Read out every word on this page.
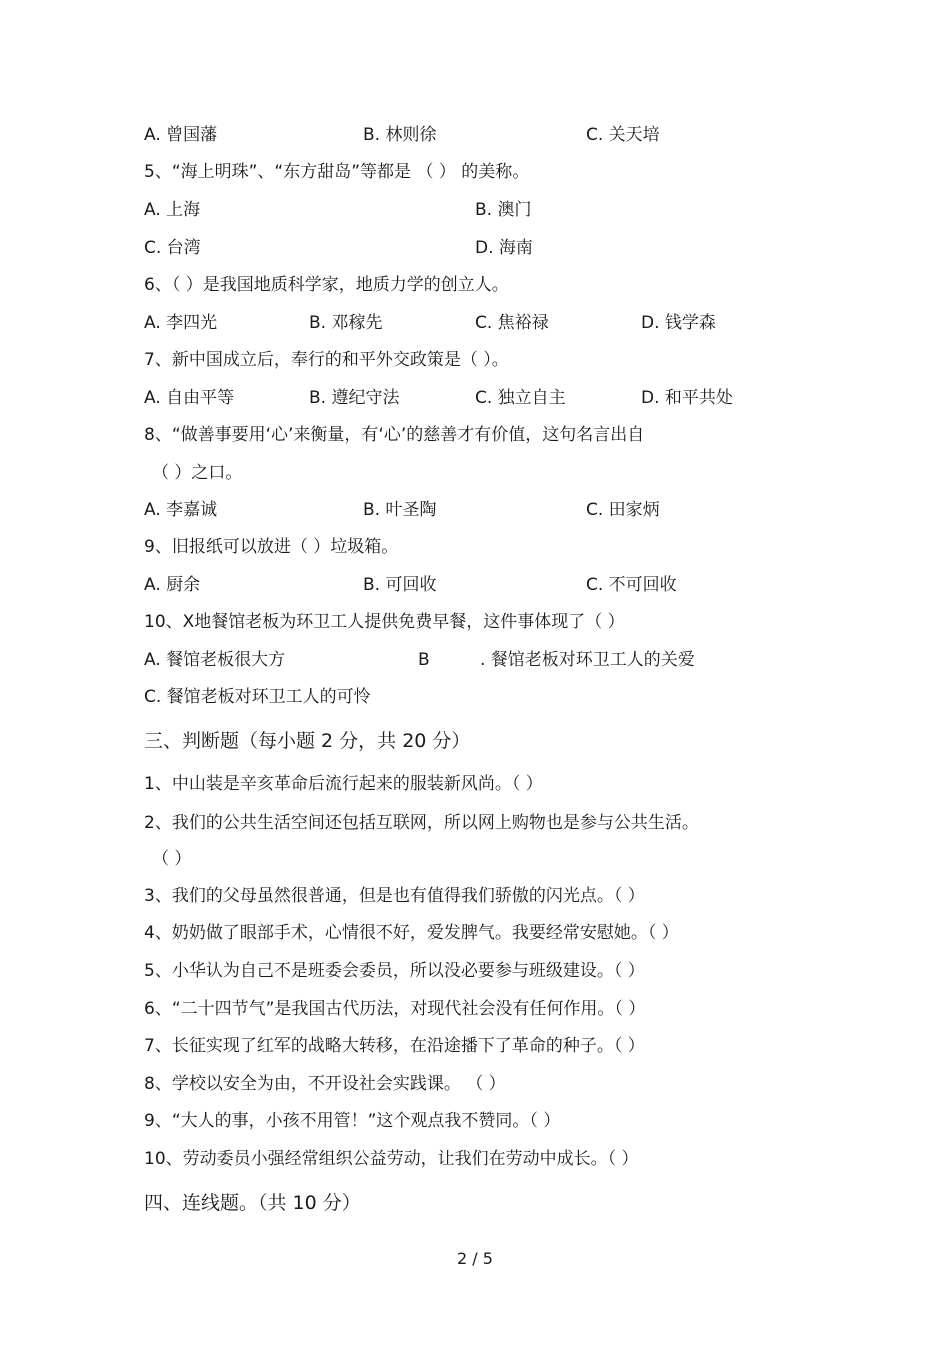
A. 曾国藩	B. 林则徐	C. 关天培
5、“海上明珠”、“东方甜岛”等都是 （ ） 的美称。
A. 上海	B. 澳门
C. 台湾	D. 海南
6、（ ）是我国地质科学家，地质力学的创立人。
A. 李四光	B. 邓稼先	C. 焦裕禄	D. 钱学森
7、新中国成立后，奉行的和平外交政策是（ ）。
A. 自由平等	B. 遵纪守法	C. 独立自主	D. 和平共处
8、“做善事要用‘心’来衡量，有‘心’的慈善才有价值，这句名言出自
（ ）之口。
A. 李嘉诚	B. 叶圣陶	C. 田家炳
9、旧报纸可以放进（ ）垃圾箱。
A. 厨余	B. 可回收	C. 不可回收
10、X地餐馆老板为环卫工人提供免费早餐，这件事体现了（ ）
A. 餐馆老板很大方	B	. 餐馆老板对环卫工人的关爱
C. 餐馆老板对环卫工人的可怜
三、判断题（每小题 2 分，共 20 分）
1、中山装是辛亥革命后流行起来的服装新风尚。（ ）
2、我们的公共生活空间还包括互联网，所以网上购物也是参与公共生活。
（ ）
3、我们的父母虽然很普通，但是也有值得我们骄傲的闪光点。（ ）
4、奶奶做了眼部手术，心情很不好，爱发脾气。我要经常安慰她。（ ）
5、小华认为自己不是班委会委员，所以没必要参与班级建设。（ ）
6、“二十四节气”是我国古代历法，对现代社会没有任何作用。（ ）
7、长征实现了红军的战略大转移，在沿途播下了革命的种子。（ ）
8、学校以安全为由，不开设社会实践课。 （ ）
9、“大人的事，小孩不用管！”这个观点我不赞同。（ ）
10、劳动委员小强经常组织公益劳动，让我们在劳动中成长。（ ）
四、连线题。（共 10 分）
2 / 5
